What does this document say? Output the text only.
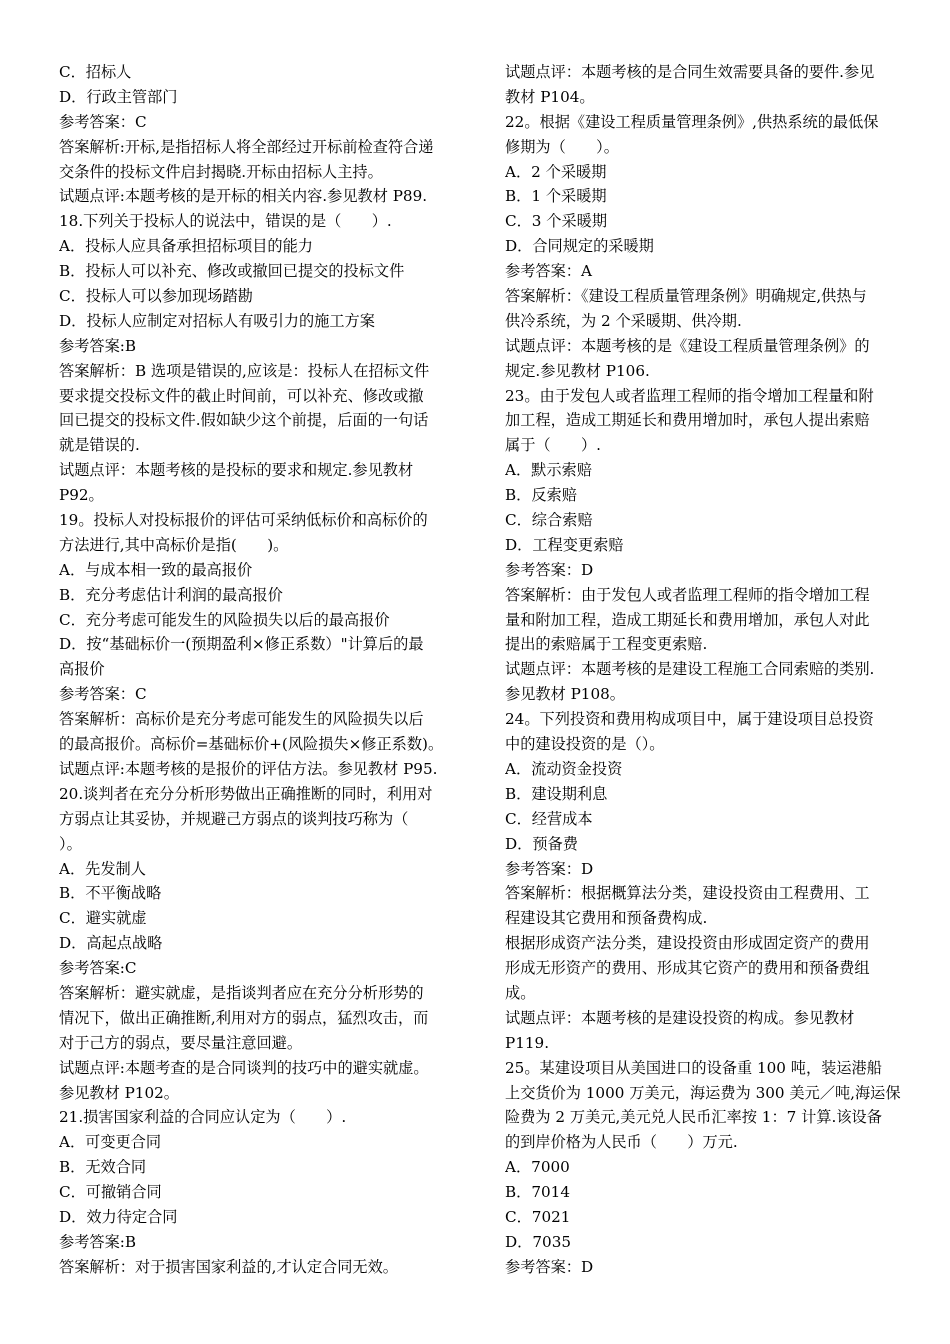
C．招标人
D．行政主管部门
参考答案：C
答案解析:开标,是指招标人将全部经过开标前检查符合递
交条件的投标文件启封揭晓.开标由招标人主持。
试题点评:本题考核的是开标的相关内容.参见教材 P89.
18.下列关于投标人的说法中，错误的是（　　）.
A．投标人应具备承担招标项目的能力
B．投标人可以补充、修改或撤回已提交的投标文件
C．投标人可以参加现场踏勘
D．投标人应制定对招标人有吸引力的施工方案
参考答案:B
答案解析：B 选项是错误的,应该是：投标人在招标文件
要求提交投标文件的截止时间前，可以补充、修改或撤
回已提交的投标文件.假如缺少这个前提，后面的一句话
就是错误的.
试题点评：本题考核的是投标的要求和规定.参见教材
P92。
19。投标人对投标报价的评估可采纳低标价和高标价的
方法进行,其中高标价是指(　　)。
A．与成本相一致的最高报价
B．充分考虑估计利润的最高报价
C．充分考虑可能发生的风险损失以后的最高报价
D．按“基础标价一(预期盈利×修正系数）"计算后的最
高报价
参考答案：C
答案解析：高标价是充分考虑可能发生的风险损失以后
的最高报价。高标价=基础标价+(风险损失×修正系数)。
试题点评:本题考核的是报价的评估方法。参见教材 P95.
20.谈判者在充分分析形势做出正确推断的同时，利用对
方弱点让其妥协，并规避己方弱点的谈判技巧称为（
）。
A．先发制人
B．不平衡战略
C．避实就虚
D．高起点战略
参考答案:C
答案解析：避实就虚，是指谈判者应在充分分析形势的
情况下，做出正确推断,利用对方的弱点，猛烈攻击，而
对于己方的弱点，要尽量注意回避。
试题点评:本题考查的是合同谈判的技巧中的避实就虚。
参见教材 P102。
21.损害国家利益的合同应认定为（　　）.
A．可变更合同
B．无效合同
C．可撤销合同
D．效力待定合同
参考答案:B
答案解析：对于损害国家利益的,才认定合同无效。
试题点评：本题考核的是合同生效需要具备的要件.参见
教材 P104。
22。根据《建设工程质量管理条例》,供热系统的最低保
修期为（　　）。
A．2 个采暖期
B．1 个采暖期
C．3 个采暖期
D．合同规定的采暖期
参考答案：A
答案解析：《建设工程质量管理条例》明确规定,供热与
供冷系统，为 2 个采暖期、供冷期.
试题点评：本题考核的是《建设工程质量管理条例》的
规定.参见教材 P106.
23。由于发包人或者监理工程师的指令增加工程量和附
加工程，造成工期延长和费用增加时，承包人提出索赔
属于（　　）.
A．默示索赔
B．反索赔
C．综合索赔
D．工程变更索赔
参考答案：D
答案解析：由于发包人或者监理工程师的指令增加工程
量和附加工程，造成工期延长和费用增加，承包人对此
提出的索赔属于工程变更索赔.
试题点评：本题考核的是建设工程施工合同索赔的类别.
参见教材 P108。
24。下列投资和费用构成项目中，属于建设项目总投资
中的建设投资的是（）。
A．流动资金投资
B．建设期利息
C．经营成本
D．预备费
参考答案：D
答案解析：根据概算法分类，建设投资由工程费用、工
程建设其它费用和预备费构成.
根据形成资产法分类，建设投资由形成固定资产的费用
形成无形资产的费用、形成其它资产的费用和预备费组
成。
试题点评：本题考核的是建设投资的构成。参见教材
P119.
25。某建设项目从美国进口的设备重 100 吨，装运港船
上交货价为 1000 万美元，海运费为 300 美元／吨,海运保
险费为 2 万美元,美元兑人民币汇率按 1：7 计算.该设备
的到岸价格为人民币（　　）万元.
A．7000
B．7014
C．7021
D．7035
参考答案：D
